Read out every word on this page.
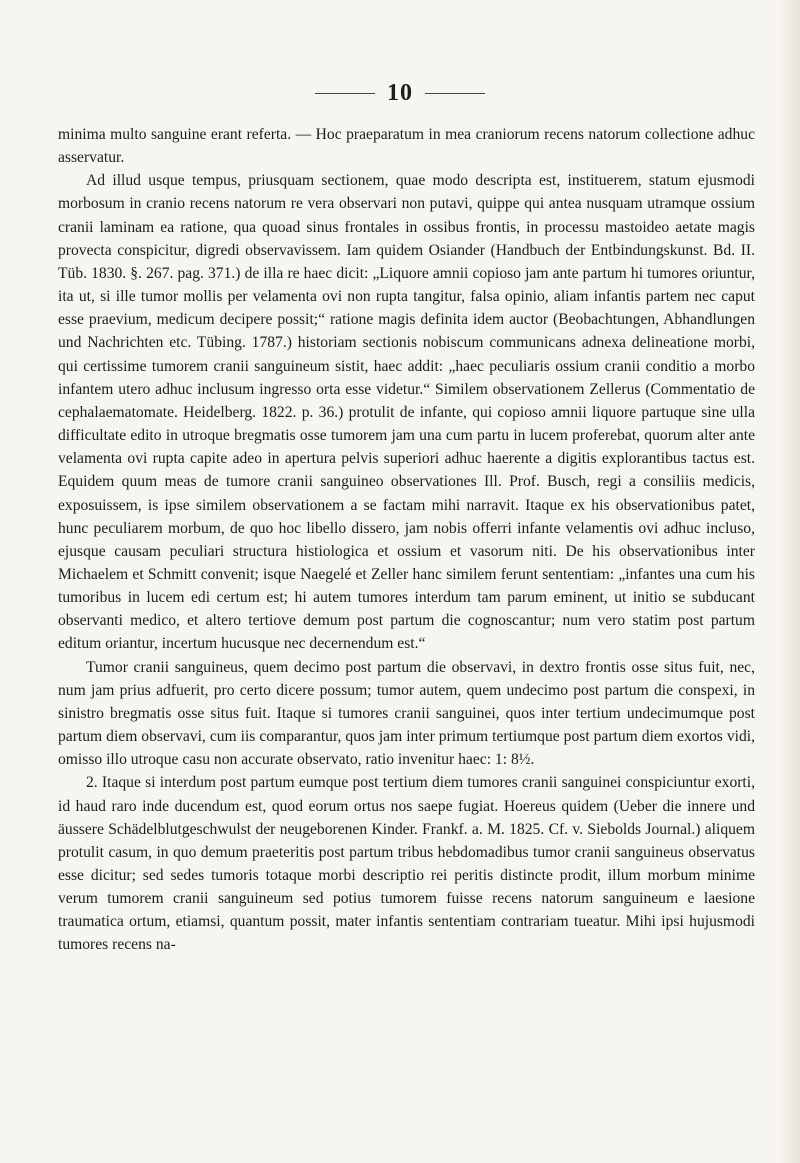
10

minima multo sanguine erant referta. — Hoc praeparatum in mea craniorum recens natorum collectione adhuc asservatur.

Ad illud usque tempus, priusquam sectionem, quae modo descripta est, instituerem, statum ejusmodi morbosum in cranio recens natorum re vera observari non putavi, quippe qui antea nusquam utramque ossium cranii laminam ea ratione, qua quoad sinus frontales in ossibus frontis, in processu mastoideo aetate magis provecta conspicitur, digredi observavissem. Iam quidem Osiander (Handbuch der Entbindungskunst. Bd. II. Tüb. 1830. §. 267. pag. 371.) de illa re haec dicit: „Liquore amnii copioso jam ante partum hi tumores oriuntur, ita ut, si ille tumor mollis per velamenta ovi non rupta tangitur, falsa opinio, aliam infantis partem nec caput esse praevium, medicum decipere possit;“ ratione magis definita idem auctor (Beobachtungen, Abhandlungen und Nachrichten etc. Tübing. 1787.) historiam sectionis nobiscum communicans adnexa delineatione morbi, qui certissime tumorem cranii sanguineum sistit, haec addit: „haec peculiaris ossium cranii conditio a morbo infantem utero adhuc inclusum ingresso orta esse videtur.“ Similem observationem Zellerus (Commentatio de cephalaematomate. Heidelberg. 1822. p. 36.) protulit de infante, qui copioso amnii liquore partuque sine ulla difficultate edito in utroque bregmatis osse tumorem jam una cum partu in lucem proferebat, quorum alter ante velamenta ovi rupta capite adeo in apertura pelvis superiori adhuc haerente a digitis explorantibus tactus est. Equidem quum meas de tumore cranii sanguineo observationes Ill. Prof. Busch, regi a consiliis medicis, exposuissem, is ipse similem observationem a se factam mihi narravit. Itaque ex his observationibus patet, hunc peculiarem morbum, de quo hoc libello dissero, jam nobis offerri infante velamentis ovi adhuc inclusо, ejusque causam peculiari structura histiologica et ossium et vasorum niti. De his observationibus inter Michaelem et Schmitt convenit; isque Naegelé et Zeller hanc similem ferunt sententiam: „infantes una cum his tumoribus in lucem edi certum est; hi autem tumores interdum tam parum eminent, ut initio se subducant observanti medico, et altero tertiove demum post partum die cognoscantur; num vero statim post partum editum oriantur, incertum hucusque nec decernendum est.“

Tumor cranii sanguineus, quem decimo post partum die observavi, in dextro frontis osse situs fuit, nec, num jam prius adfuerit, pro certo dicere possum; tumor autem, quem undecimo post partum die conspexi, in sinistro bregmatis osse situs fuit. Itaque si tumores cranii sanguinei, quos inter tertium undecimumque post partum diem observavi, cum iis comparantur, quos jam inter primum tertiumque post partum diem exortos vidi, omisso illo utroque casu non accurate observato, ratio invenitur haec: 1: 8½.

2. Itaque si interdum post partum eumque post tertium diem tumores cranii sanguinei conspiciuntur exorti, id haud raro inde ducendum est, quod eorum ortus nos saepe fugiat. Hoereus quidem (Ueber die innere und äussere Schädelblutgeschwulst der neugeborenen Kinder. Frankf. a. M. 1825. Cf. v. Siebolds Journal.) aliquem protulit casum, in quo demum praeteritis post partum tribus hebdomadibus tumor cranii sanguineus observatus esse dicitur; sed sedes tumoris totaque morbi descriptio rei peritis distincte prodit, illum morbum minime verum tumorem cranii sanguineum sed potius tumorem fuisse recens natorum sanguineum e laesione traumatica ortum, etiamsi, quantum possit, mater infantis sententiam contrariam tueatur. Mihi ipsi hujusmodi tumores recens na-
